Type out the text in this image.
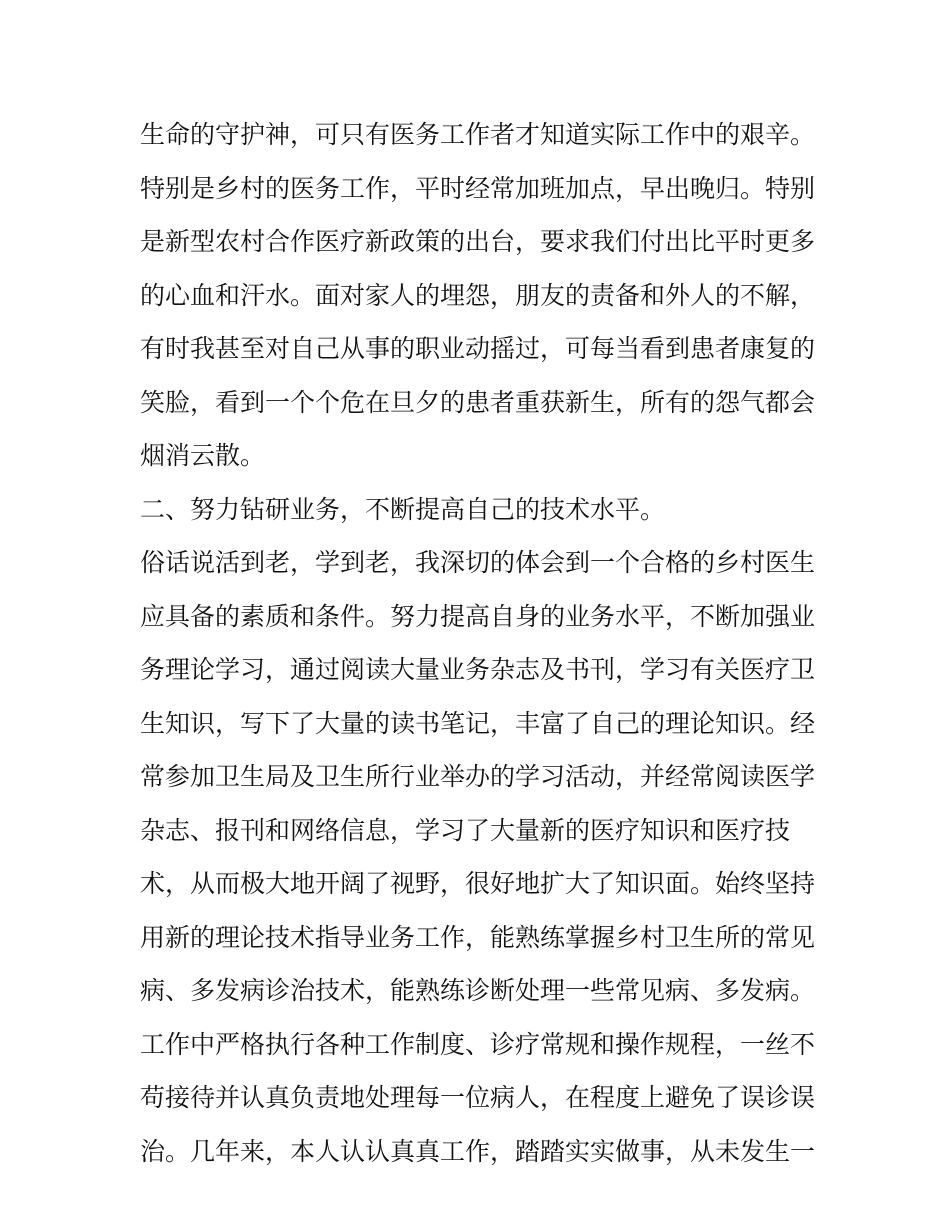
生命的守护神，可只有医务工作者才知道实际工作中的艰辛。
特别是乡村的医务工作，平时经常加班加点，早出晚归。特别
是新型农村合作医疗新政策的出台，要求我们付出比平时更多
的心血和汗水。面对家人的埋怨，朋友的责备和外人的不解，
有时我甚至对自己从事的职业动摇过，可每当看到患者康复的
笑脸，看到一个个危在旦夕的患者重获新生，所有的怨气都会
烟消云散。
二、努力钻研业务，不断提高自己的技术水平。
俗话说活到老，学到老，我深切的体会到一个合格的乡村医生
应具备的素质和条件。努力提高自身的业务水平，不断加强业
务理论学习，通过阅读大量业务杂志及书刊，学习有关医疗卫
生知识，写下了大量的读书笔记，丰富了自己的理论知识。经
常参加卫生局及卫生所行业举办的学习活动，并经常阅读医学
杂志、报刊和网络信息，学习了大量新的医疗知识和医疗技
术，从而极大地开阔了视野，很好地扩大了知识面。始终坚持
用新的理论技术指导业务工作，能熟练掌握乡村卫生所的常见
病、多发病诊治技术，能熟练诊断处理一些常见病、多发病。
工作中严格执行各种工作制度、诊疗常规和操作规程，一丝不
苟接待并认真负责地处理每一位病人，在程度上避免了误诊误
治。几年来，本人认认真真工作，踏踏实实做事，从未发生一
